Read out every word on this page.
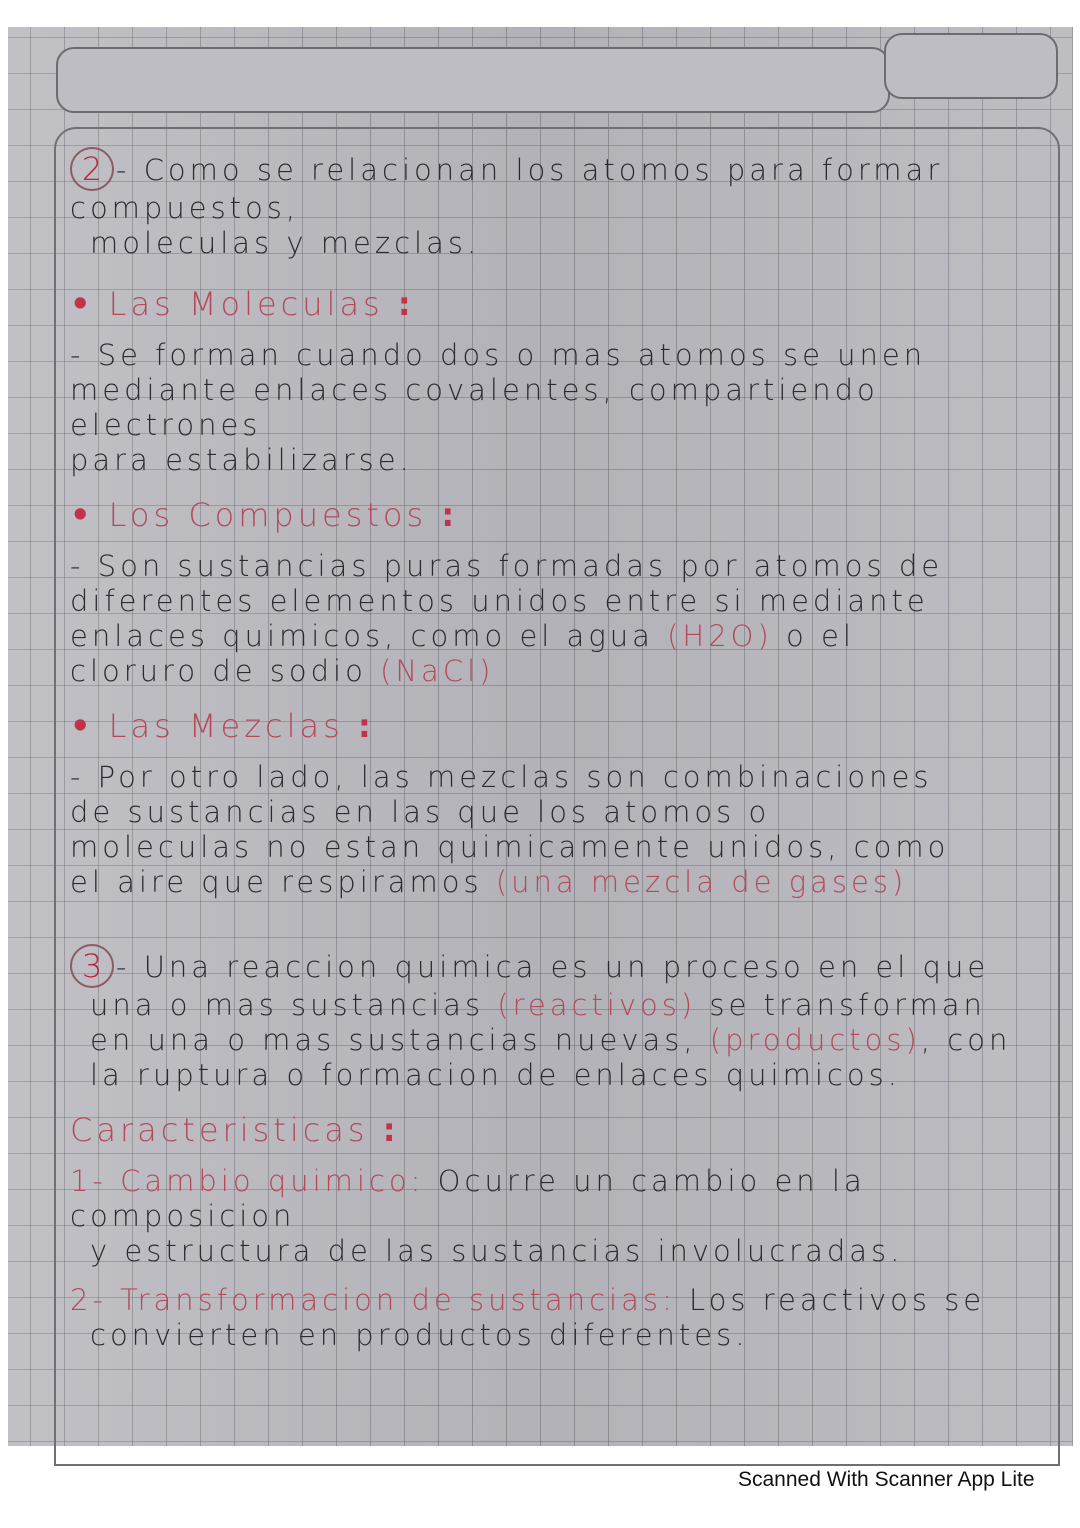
2 - Como se relacionan los atomos para formar compuestos,
moleculas y mezclas.
• Las Moleculas :
- Se forman cuando dos o mas atomos se unen
mediante enlaces covalentes, compartiendo electrones
para estabilizarse.
• Los Compuestos :
- Son sustancias puras formadas por atomos de
diferentes elementos unidos entre si mediante
enlaces quimicos, como el agua (H2O) o el
cloruro de sodio (NaCl)
• Las Mezclas :
- Por otro lado, las mezclas son combinaciones
de sustancias en las que los atomos o
moleculas no estan quimicamente unidos, como
el aire que respiramos (una mezcla de gases)
3 - Una reaccion quimica es un proceso en el que
una o mas sustancias (reactivos) se transforman
en una o mas sustancias nuevas, (productos), con
la ruptura o formacion de enlaces quimicos.
Caracteristicas :
1- Cambio quimico: Ocurre un cambio en la composicion
y estructura de las sustancias involucradas.
2- Transformacion de sustancias: Los reactivos se
convierten en productos diferentes.
Scanned With Scanner App Lite
